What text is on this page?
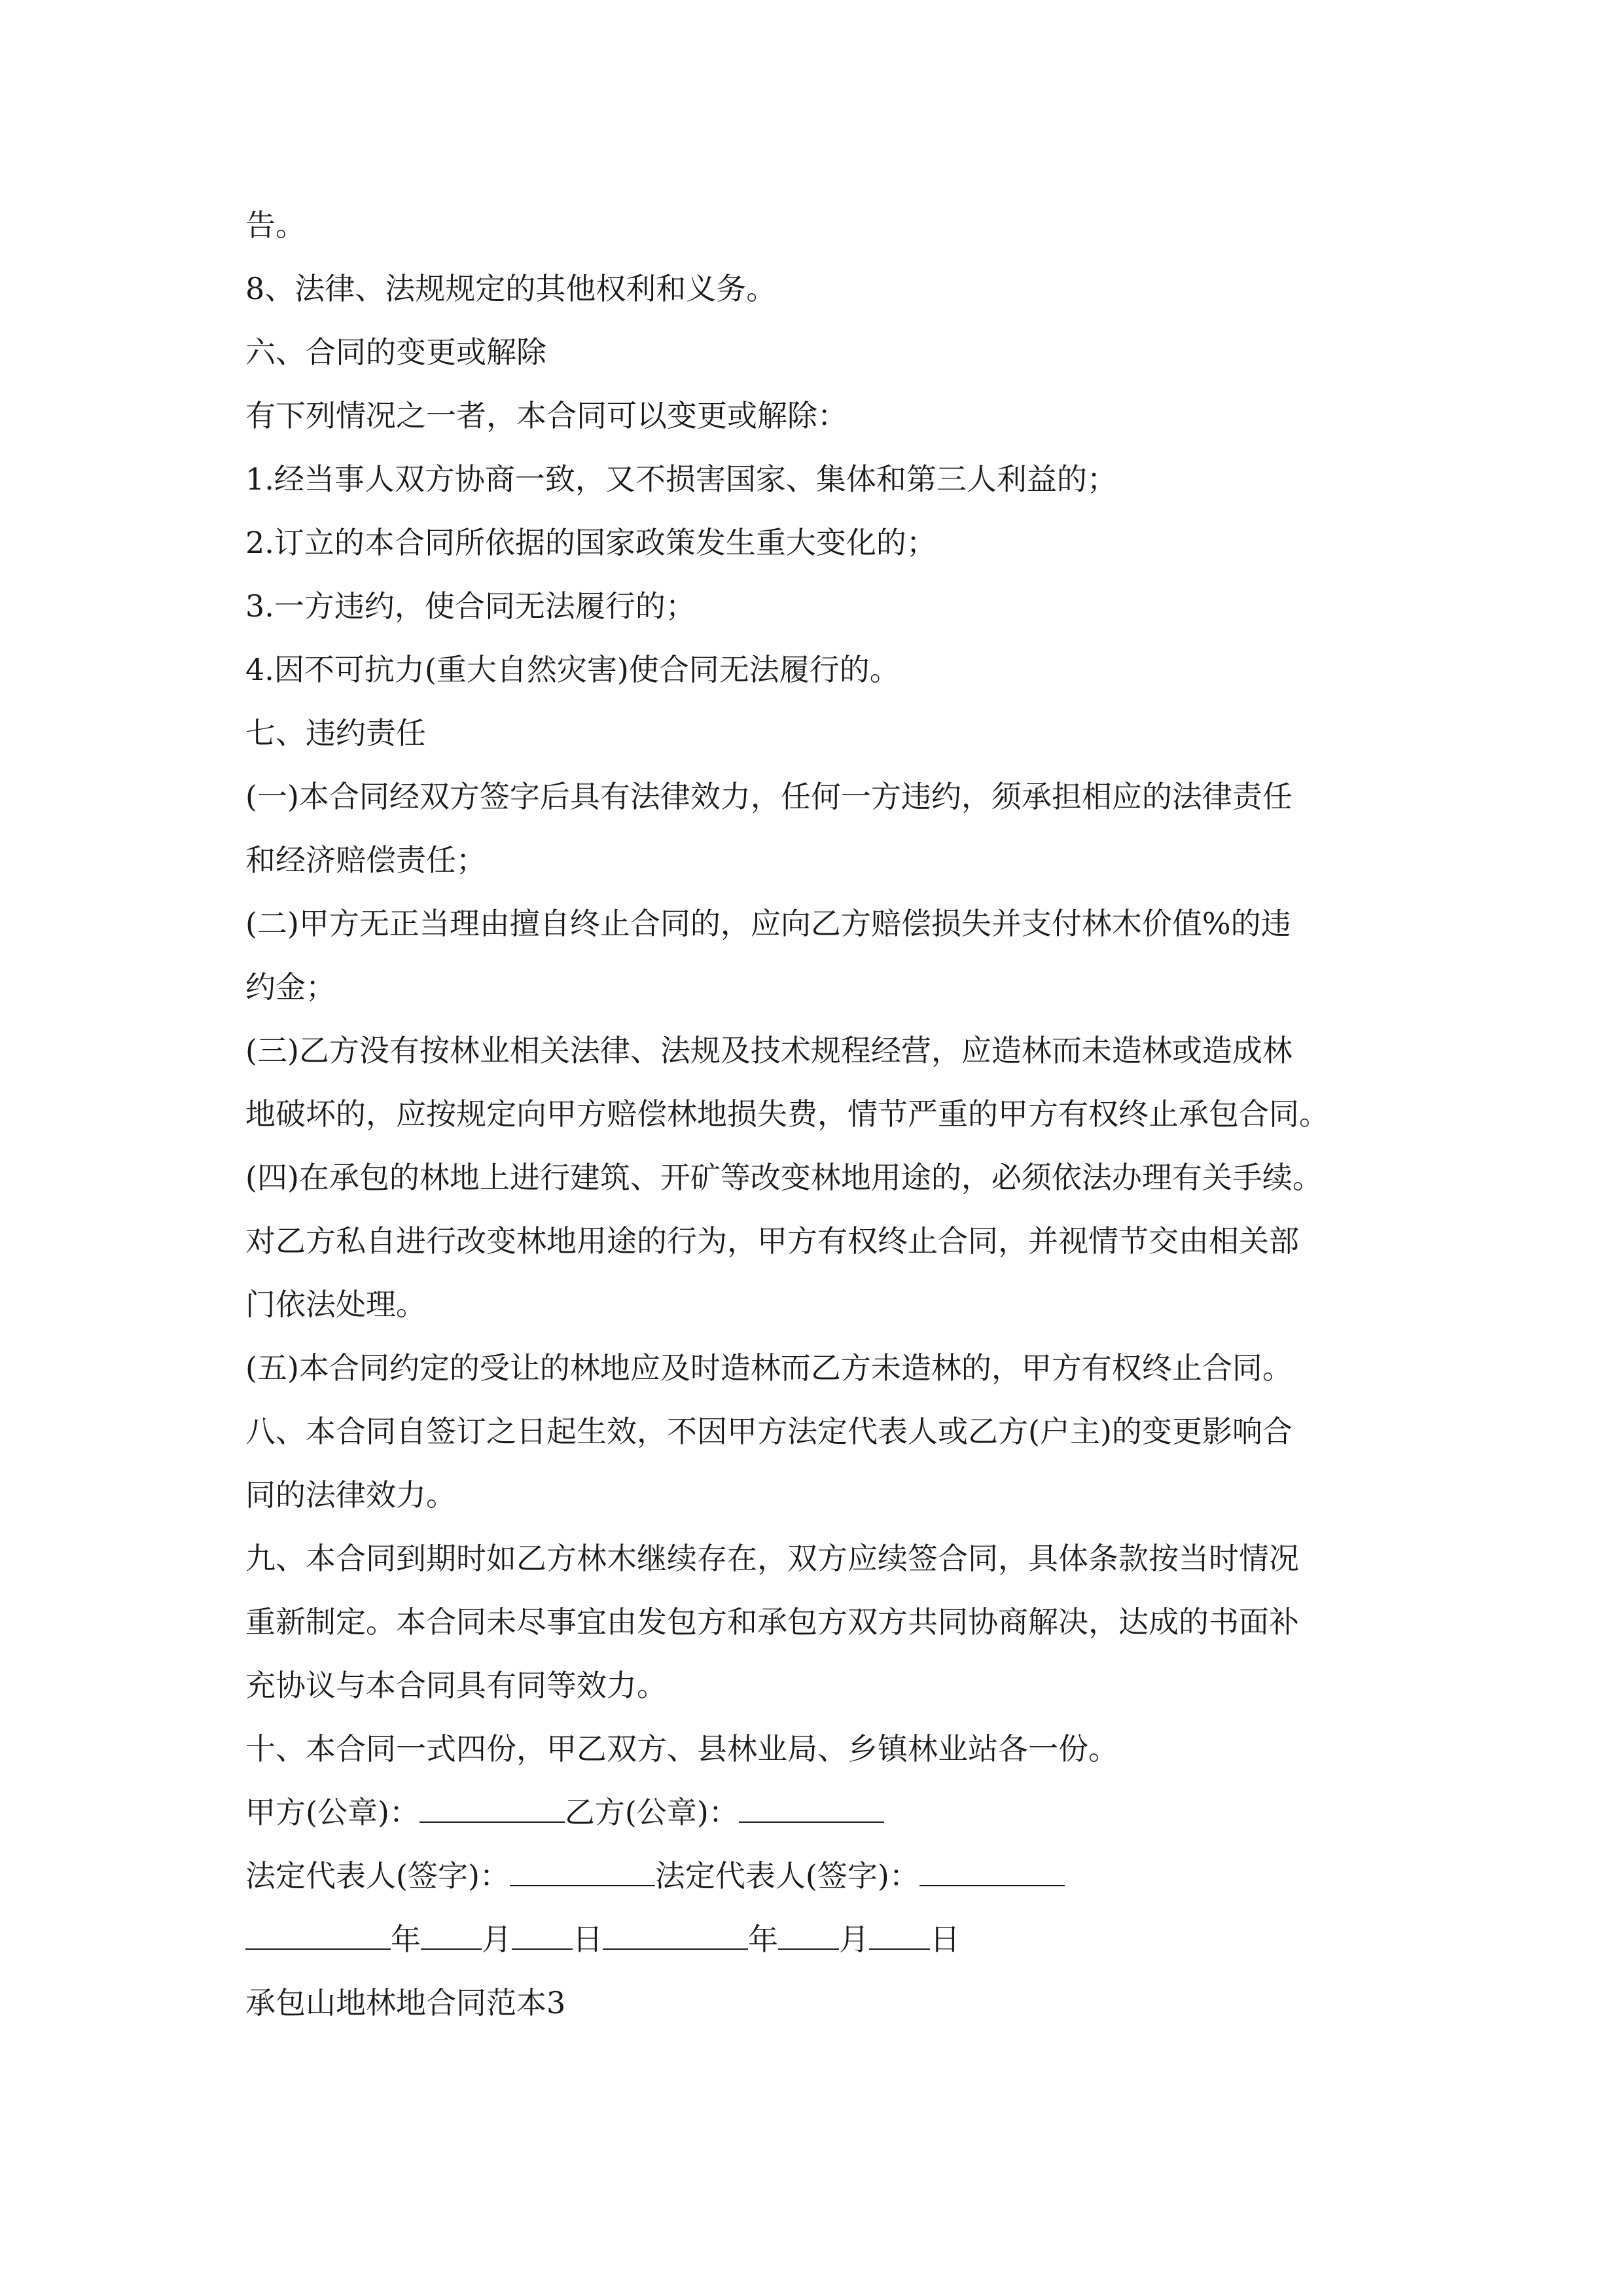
告。
8、法律、法规规定的其他权利和义务。
六、合同的变更或解除
有下列情况之一者，本合同可以变更或解除：
1.经当事人双方协商一致，又不损害国家、集体和第三人利益的；
2.订立的本合同所依据的国家政策发生重大变化的；
3.一方违约，使合同无法履行的；
4.因不可抗力(重大自然灾害)使合同无法履行的。
七、违约责任
(一)本合同经双方签字后具有法律效力，任何一方违约，须承担相应的法律责任
和经济赔偿责任；
(二)甲方无正当理由擅自终止合同的，应向乙方赔偿损失并支付林木价值%的违
约金；
(三)乙方没有按林业相关法律、法规及技术规程经营，应造林而未造林或造成林
地破坏的，应按规定向甲方赔偿林地损失费，情节严重的甲方有权终止承包合同。
(四)在承包的林地上进行建筑、开矿等改变林地用途的，必须依法办理有关手续。
对乙方私自进行改变林地用途的行为，甲方有权终止合同，并视情节交由相关部
门依法处理。
(五)本合同约定的受让的林地应及时造林而乙方未造林的，甲方有权终止合同。
八、本合同自签订之日起生效，不因甲方法定代表人或乙方(户主)的变更影响合
同的法律效力。
九、本合同到期时如乙方林木继续存在，双方应续签合同，具体条款按当时情况
重新制定。本合同未尽事宜由发包方和承包方双方共同协商解决，达成的书面补
充协议与本合同具有同等效力。
十、本合同一式四份，甲乙双方、县林业局、乡镇林业站各一份。
甲方(公章)：	乙方(公章)：
法定代表人(签字)：	法定代表人(签字)：
年 月 日	年 月 日
承包山地林地合同范本3
